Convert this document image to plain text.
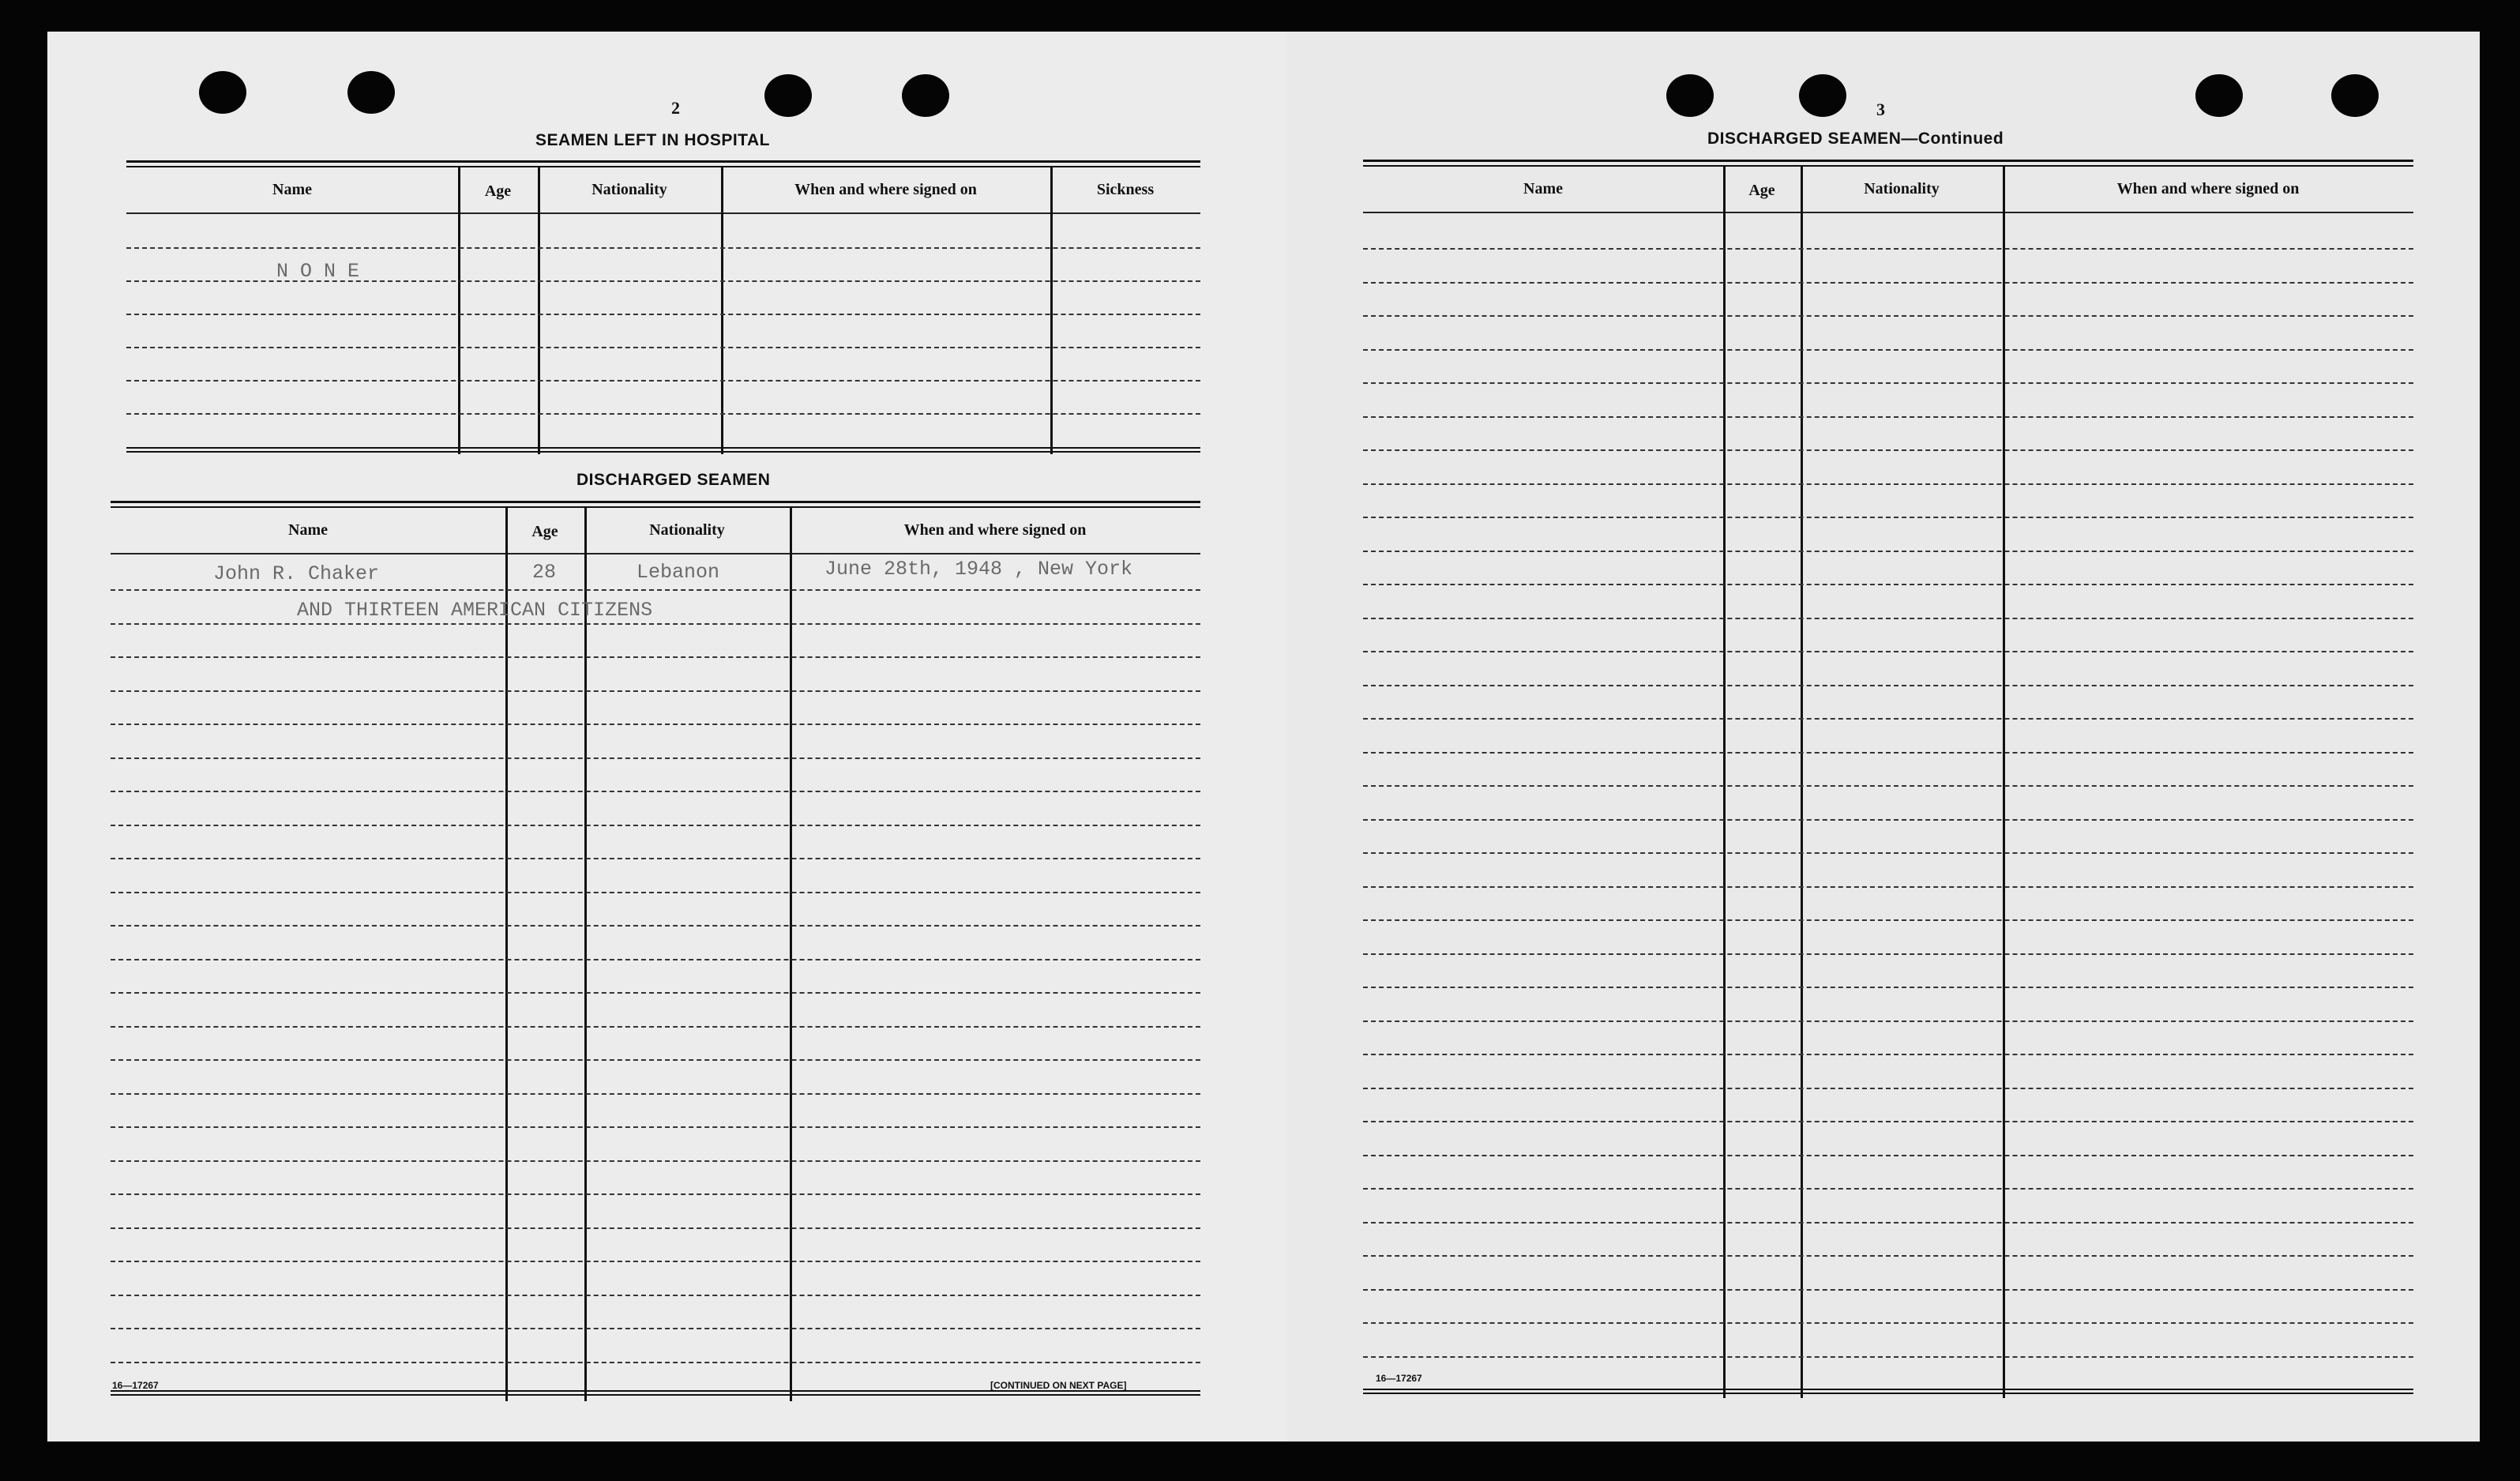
2
SEAMEN LEFT IN HOSPITAL
Name	Age	Nationality	When and where signed on	Sickness
N O N E
DISCHARGED SEAMEN
Name	Age	Nationality	When and where signed on
John R. Chaker	28	Lebanon	June 28th, 1948 , New York
AND THIRTEEN AMERICAN CITIZENS
16—17267	[CONTINUED ON NEXT PAGE]
3
DISCHARGED SEAMEN—Continued
Name	Age	Nationality	When and where signed on
16—17267
